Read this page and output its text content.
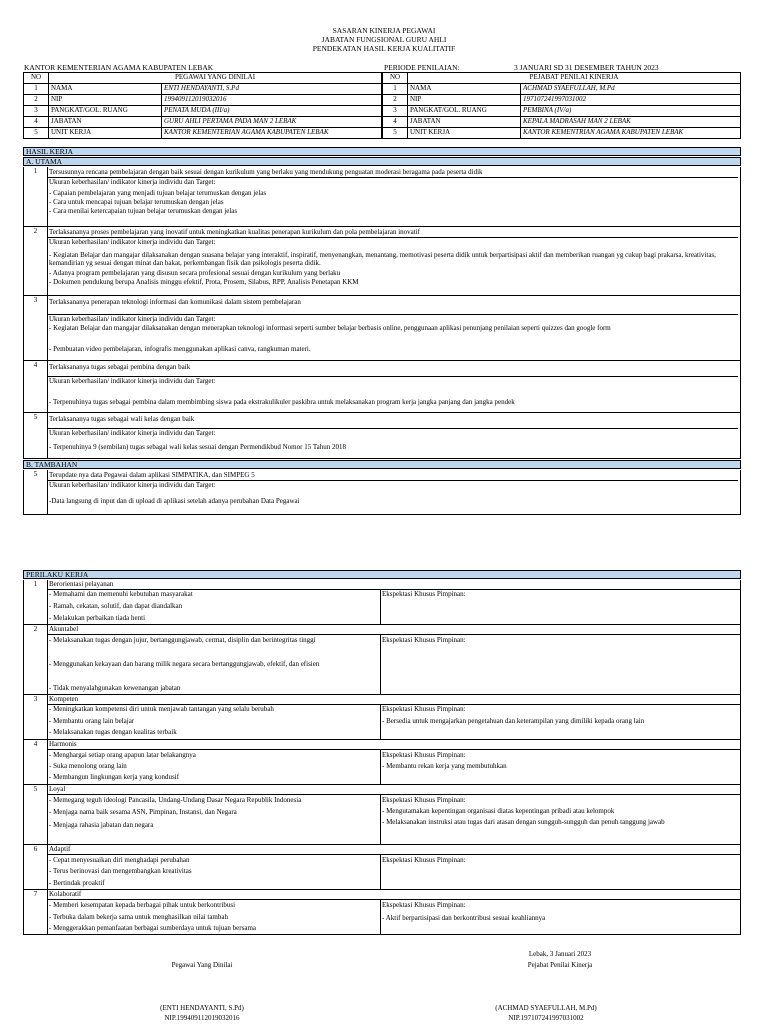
SASARAN KINERJA PEGAWAI
JABATAN FUNGSIONAL GURU AHLI
PENDEKATAN HASIL KERJA KUALITATIF
KANTOR KEMENTERIAN AGAMA KABUPATEN LEBAK	PERIODE PENILAIAN:	3 JANUARI SD 31 DESEMBER TAHUN 2023
NO	PEGAWAI YANG DINILAI	
1	NAMA	ENTI HENDAYANTI, S.Pd
2	NIP	199409112019032016
3	PANGKAT/GOL. RUANG	PENATA MUDA (III/a)
4	JABATAN	GURU AHLI PERTAMA PADA MAN 2 LEBAK
5	UNIT KERJA	KANTOR KEMENTERIAN AGAMA KABUPATEN LEBAK
NO	PEJABAT PENILAI KINERJA	
1	NAMA	ACHMAD SYAEFULLAH, M.Pd
2	NIP	197107241997031002
3	PANGKAT/GOL. RUANG	PEMBINA (IV/a)
4	JABATAN	KEPALA MADRASAH MAN 2 LEBAK
5	UNIT KERJA	KANTOR KEMENTRIAN AGAMA KABUPATEN LEBAK
HASIL KERJA
A. UTAMA
1	Tersusunnya rencana pembelajaran dengan baik sesuai dengan kurikulum yang berlaku yang mendukung penguatan moderasi beragama pada peserta didik
Ukuran keberhasilan/ indikator kinerja individu dan Target:
- Capaian pembelajaran yang menjadi tujuan belajar terumuskan dengan jelas
- Cara untuk mencapai tujuan belajar terumuskan dengan jelas
- Cara menilai ketercapaian tujuan belajar terumuskan dengan jelas
2	Terlaksananya proses pembelajaran yang inovatif untuk meningkatkan kualitas penerapan kurikulum dan pola pembelajaran inovatif
Ukuran keberhasilan/ indikator kinerja individu dan Target:
- Kegiatan Belajar dan mangajar dilaksanakan dengan suasana belajar yang interaktif, inspiratif, menyenangkan, menantang, memotivasi peserta didik untuk berpartisipasi aktif dan memberikan ruangan yg cukup bagi prakarsa, kreativitas, kemandirian yg sesuai dengan minat dan bakat, perkembangan fisik dan psikologis peserta didik.
- Adanya program pembelajaran yang disusun secara profesional sesuai dengan kurikulum yang berlaku
- Dokumen pendukung berupa Analisis minggu efektif, Prota, Prosem, Silabus, RPP, Analisis Penetapan KKM
3	Terlaksananya penerapan teknologi informasi dan komunikasi dalam sistem pembelajaran
Ukuran keberhasilan/ indikator kinerja individu dan Target:
- Kegiatan Belajar dan mangajar dilaksanakan dengan menerapkan teknologi informasi seperti sumber belajar berbasis online, penggunaan aplikasi penunjang penilaian seperti quizzes dan google form
- Pembuatan video pembelajaran, infografis menggunakan aplikasi canva, rangkuman materi.
4	Terlaksananya tugas sebagai pembina dengan baik
Ukuran keberhasilan/ indikator kinerja individu dan Target:
- Terpenuhinya tugas sebagai pembina dalam membimbing siswa pada ekstrakulikuler paskibra untuk melaksanakan program kerja jangka panjang dan jangka pendek
5	Terlaksananya tugas sebagai wali kelas dengan baik
Ukuran keberhasilan/ indikator kinerja individu dan Target:
- Terpenuhinya 9 (sembilan) tugas sebagai wali kelas sesuai dengan Permendikbud Nomor 15 Tahun 2018
B. TAMBAHAN
5	Terupdate nya data Pegawai dalam aplikasi SIMPATIKA, dan SIMPEG 5
Ukuran keberhasilan/ indikator kinerja individu dan Target:
-Data langsung di input dan di upload di aplikasi setelah adanya perubahan Data Pegawai
PERILAKU KERJA
1	Berorientasi pelayanan
- Memahami dan memenuhi kebutuhan masyarakat
- Ramah, cekatan, solutif, dan dapat diandalkan
- Melakukan perbaikan tiada henti
Ekspektasi Khusus Pimpinan:
2	Akuntabel
- Melaksanakan tugas dengan jujur, bertanggungjawab, cermat, disiplin dan berintegritas tinggi
- Menggunakan kekayaan dan barang milik negara secara bertanggungjawab, efektif, dan efisien
- Tidak menyalahgunakan kewenangan jabatan
Ekspektasi Khusus Pimpinan:
3	Kompeten
- Meningkatkan kompetensi diri untuk menjawab tantangan yang selalu berubah
- Membantu orang lain belajar
- Melaksanakan tugas dengan kualitas terbaik
Ekspektasi Khusus Pimpinan:
- Bersedia untuk mengajarkan pengetahuan dan keterampilan yang dimiliki kepada orang lain
4	Harmonis
- Menghargai setiap orang apapun latar belakangnya
- Suka menolong orang lain
- Membangun lingkungan kerja yang kondusif
Ekspektasi Khusus Pimpinan:
- Membantu rekan kerja yang membutuhkan
5	Loyal
- Memegang teguh ideologi Pancasila, Undang-Undang Dasar Negara Republik Indonesia
- Menjaga nama baik sesama ASN, Pimpinan, Instansi, dan Negara
- Menjaga rahasia jabatan dan negara
Ekspektasi Khusus Pimpinan:
- Mengutamakan kepentingan organisasi diatas kepentingan pribadi atau kelompok
- Melaksanakan instruksi atau tugas dari atasan dengan sungguh-sungguh dan penuh tanggung jawab
6	Adaptif
- Cepat menyesuaikan diri menghadapi perubahan
- Terus berinovasi dan mengembangkan kreativitas
- Bertindak proaktif
Ekspektasi Khusus Pimpinan:
7	Kolaboratif
- Memberi kesempatan kepada berbagai pihak untuk berkontribusi
- Terbuka dalam bekerja sama untuk menghasilkan nilai tambah
- Menggerakkan pemanfaatan berbagai sumberdaya untuk tujuan bersama
Ekspektasi Khusus Pimpinan:
- Aktif berpartisipasi dan berkontribusi sesuai keahliannya
Lebak, 3 Januari 2023
Pejabat Penilai Kinerja
Pegawai Yang Dinilai
(ENTI HENDAYANTI, S.Pd)
NIP.199409112019032016
(ACHMAD SYAEFULLAH, M.Pd)
NIP.197107241997031002
